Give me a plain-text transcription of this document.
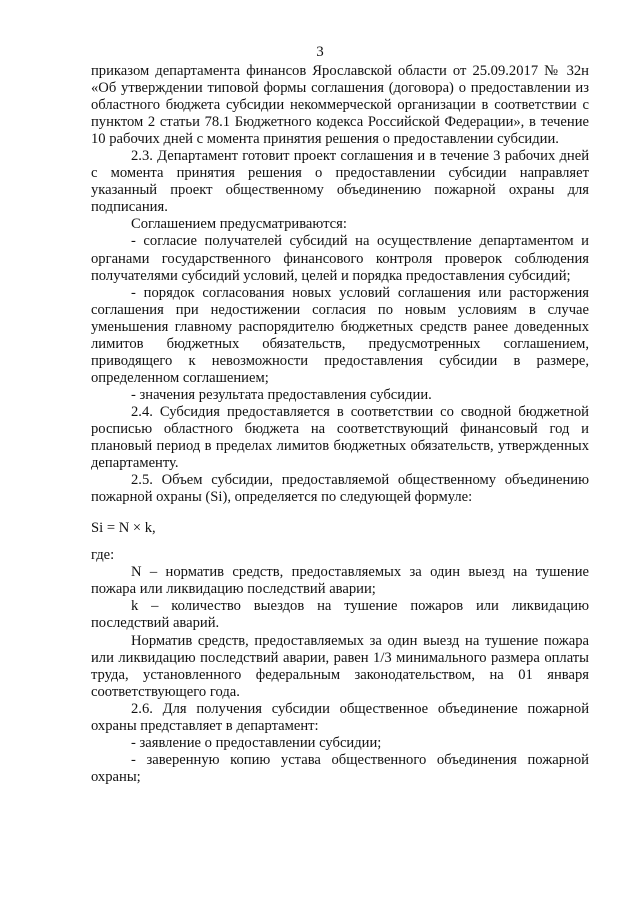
3

приказом департамента финансов Ярославской области от 25.09.2017 № 32н «Об утверждении типовой формы соглашения (договора) о предоставлении из областного бюджета субсидии некоммерческой организации в соответствии с пунктом 2 статьи 78.1 Бюджетного кодекса Российской Федерации», в течение 10 рабочих дней с момента принятия решения о предоставлении субсидии.

2.3. Департамент готовит проект соглашения и в течение 3 рабочих дней с момента принятия решения о предоставлении субсидии направляет указанный проект общественному объединению пожарной охраны для подписания.

Соглашением предусматриваются:

- согласие получателей субсидий на осуществление департаментом и органами государственного финансового контроля проверок соблюдения получателями субсидий условий, целей и порядка предоставления субсидий;

- порядок согласования новых условий соглашения или расторжения соглашения при недостижении согласия по новым условиям в случае уменьшения главному распорядителю бюджетных средств ранее доведенных лимитов бюджетных обязательств, предусмотренных соглашением, приводящего к невозможности предоставления субсидии в размере, определенном соглашением;

- значения результата предоставления субсидии.

2.4. Субсидия предоставляется в соответствии со сводной бюджетной росписью областного бюджета на соответствующий финансовый год и плановый период в пределах лимитов бюджетных обязательств, утвержденных департаменту.

2.5. Объем субсидии, предоставляемой общественному объединению пожарной охраны (Si), определяется по следующей формуле:

Si = N × k,

где:

N – норматив средств, предоставляемых за один выезд на тушение пожара или ликвидацию последствий аварии;

k – количество выездов на тушение пожаров или ликвидацию последствий аварий.

Норматив средств, предоставляемых за один выезд на тушение пожара или ликвидацию последствий аварии, равен 1/3 минимального размера оплаты труда, установленного федеральным законодательством, на 01 января соответствующего года.

2.6. Для получения субсидии общественное объединение пожарной охраны представляет в департамент:

- заявление о предоставлении субсидии;

- заверенную копию устава общественного объединения пожарной охраны;
